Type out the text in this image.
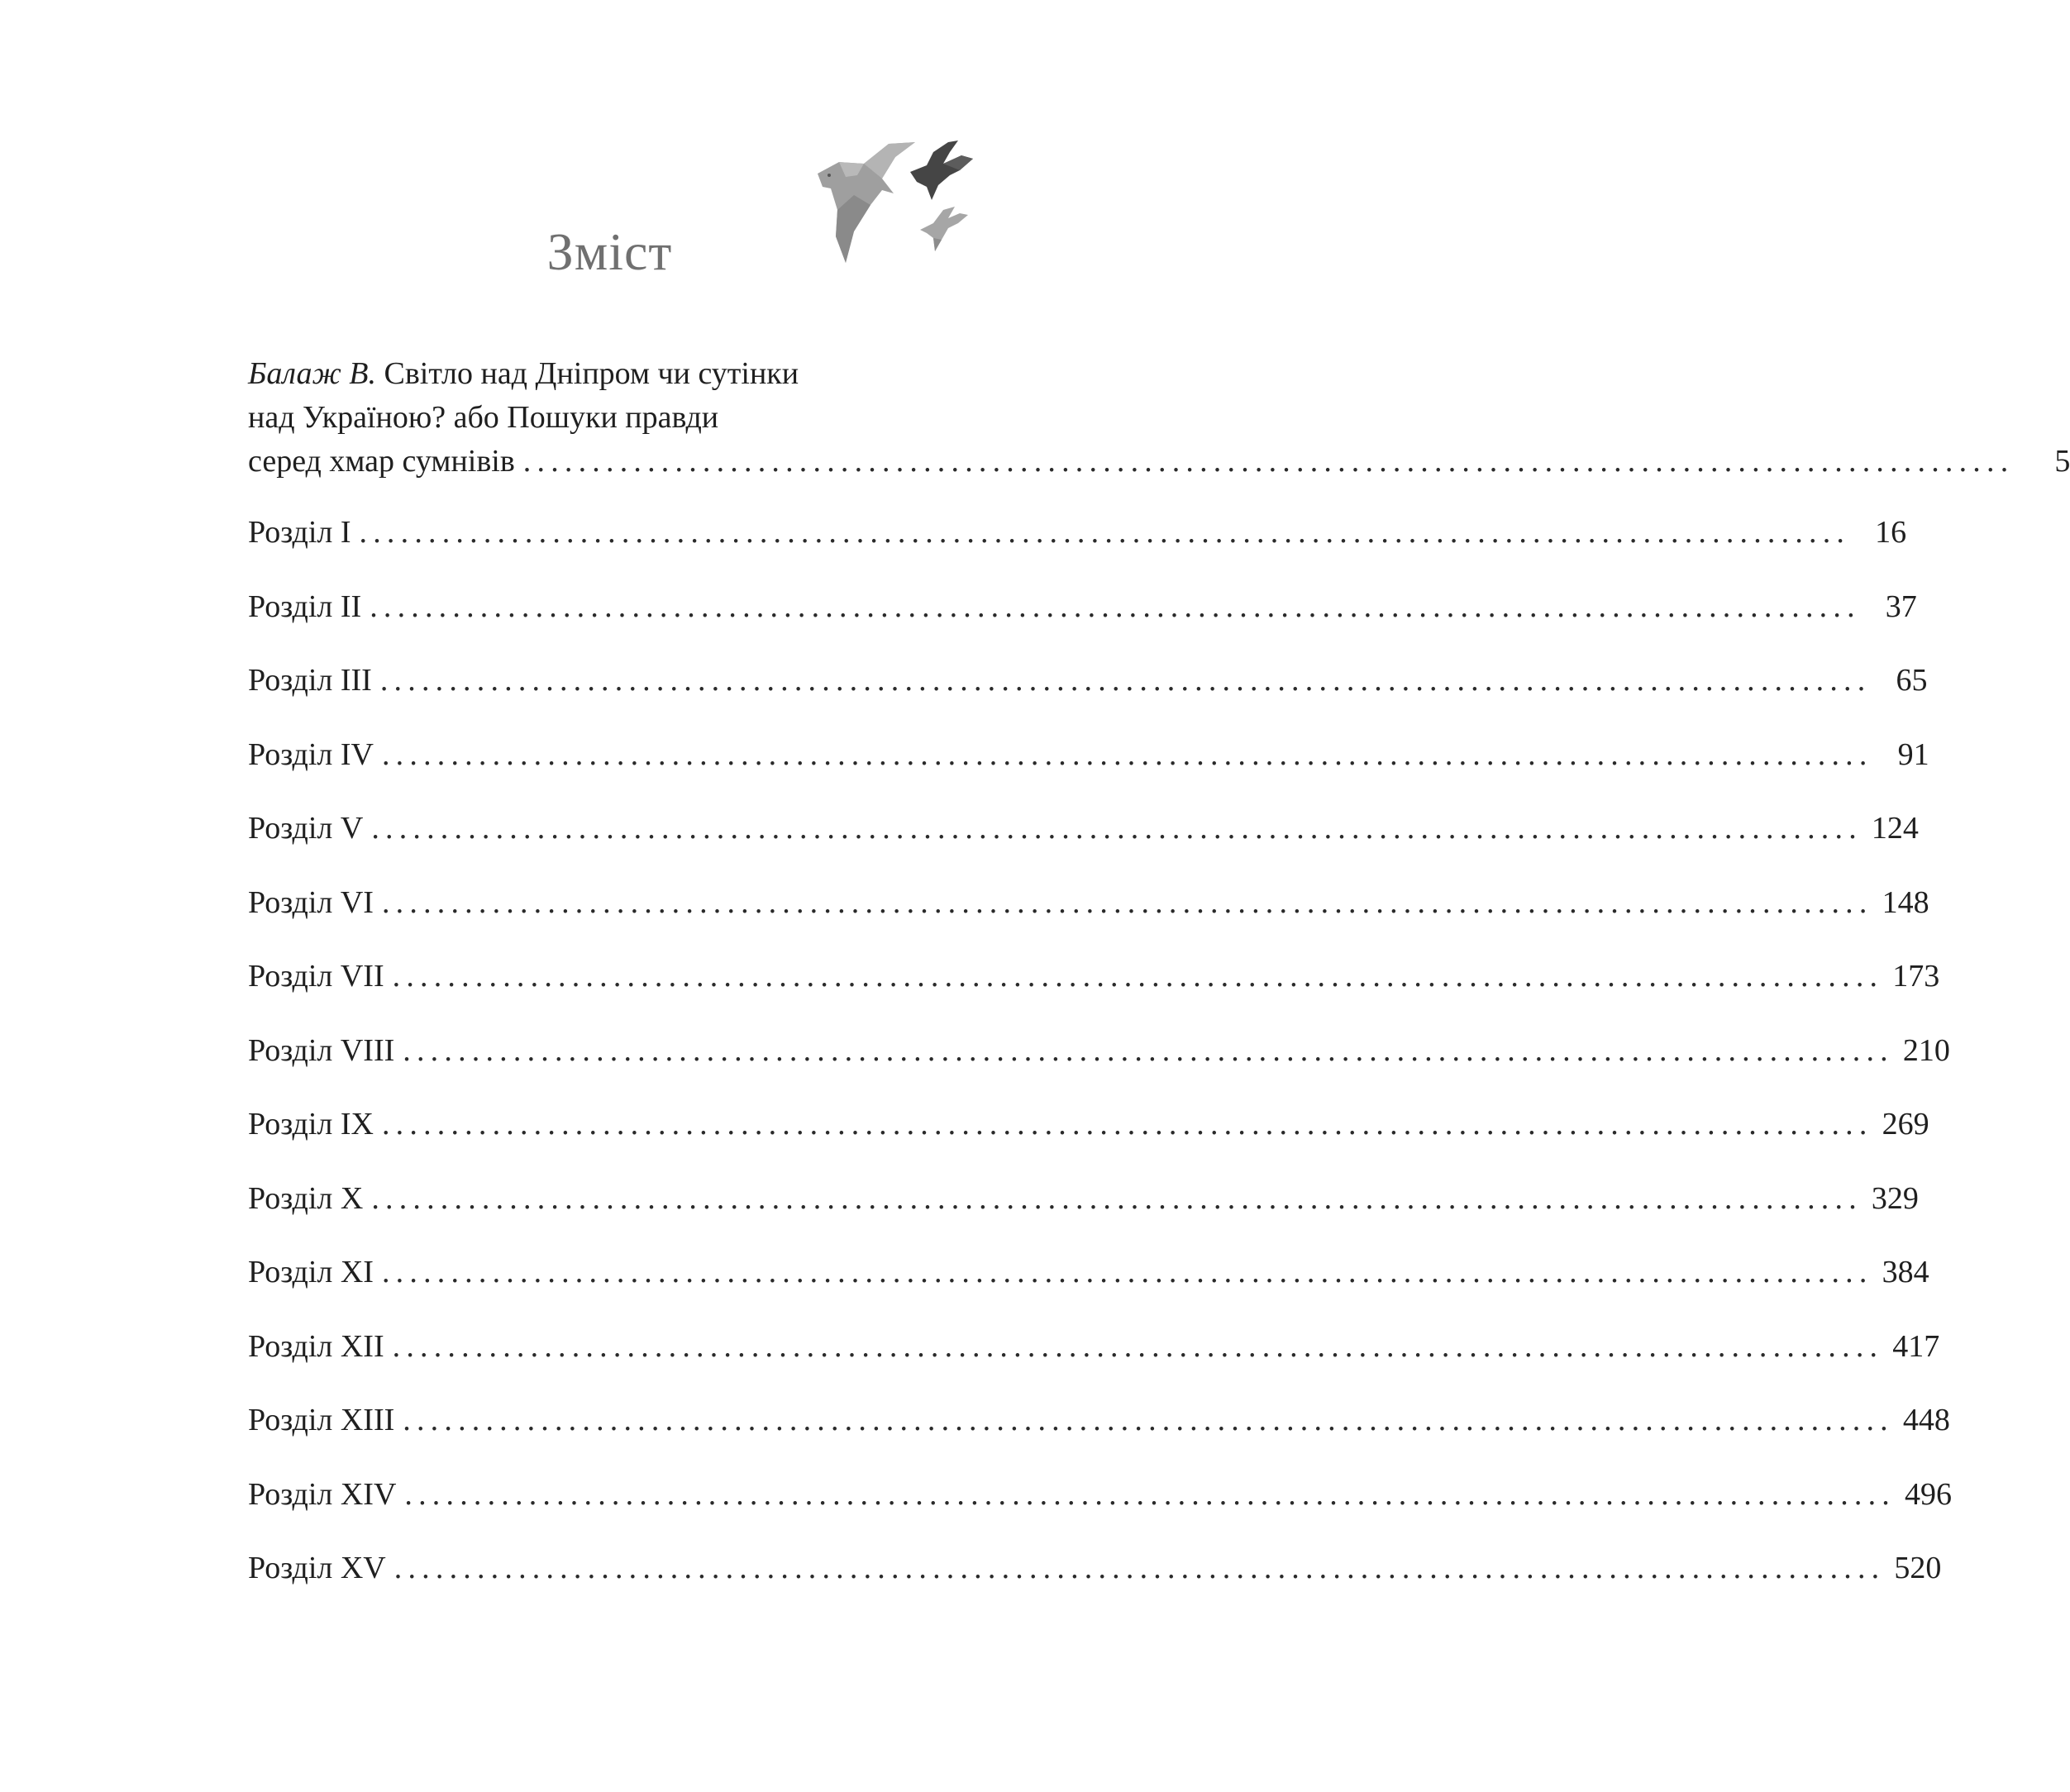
Зміст
Балаж В. Світло над Дніпром чи сутінки
над Україною? або Пошуки правди
серед хмар сумнівів ............................................................................................................	5
Розділ I ............................................................................................................ 16
Розділ II ............................................................................................................ 37
Розділ III ............................................................................................................ 65
Розділ IV ............................................................................................................ 91
Розділ V ............................................................................................................ 124
Розділ VI ............................................................................................................ 148
Розділ VII ............................................................................................................ 173
Розділ VIII ............................................................................................................ 210
Розділ IX ............................................................................................................ 269
Розділ X ............................................................................................................ 329
Розділ XI ............................................................................................................ 384
Розділ XII ............................................................................................................ 417
Розділ XIII ............................................................................................................ 448
Розділ XIV ............................................................................................................ 496
Розділ XV ............................................................................................................ 520
